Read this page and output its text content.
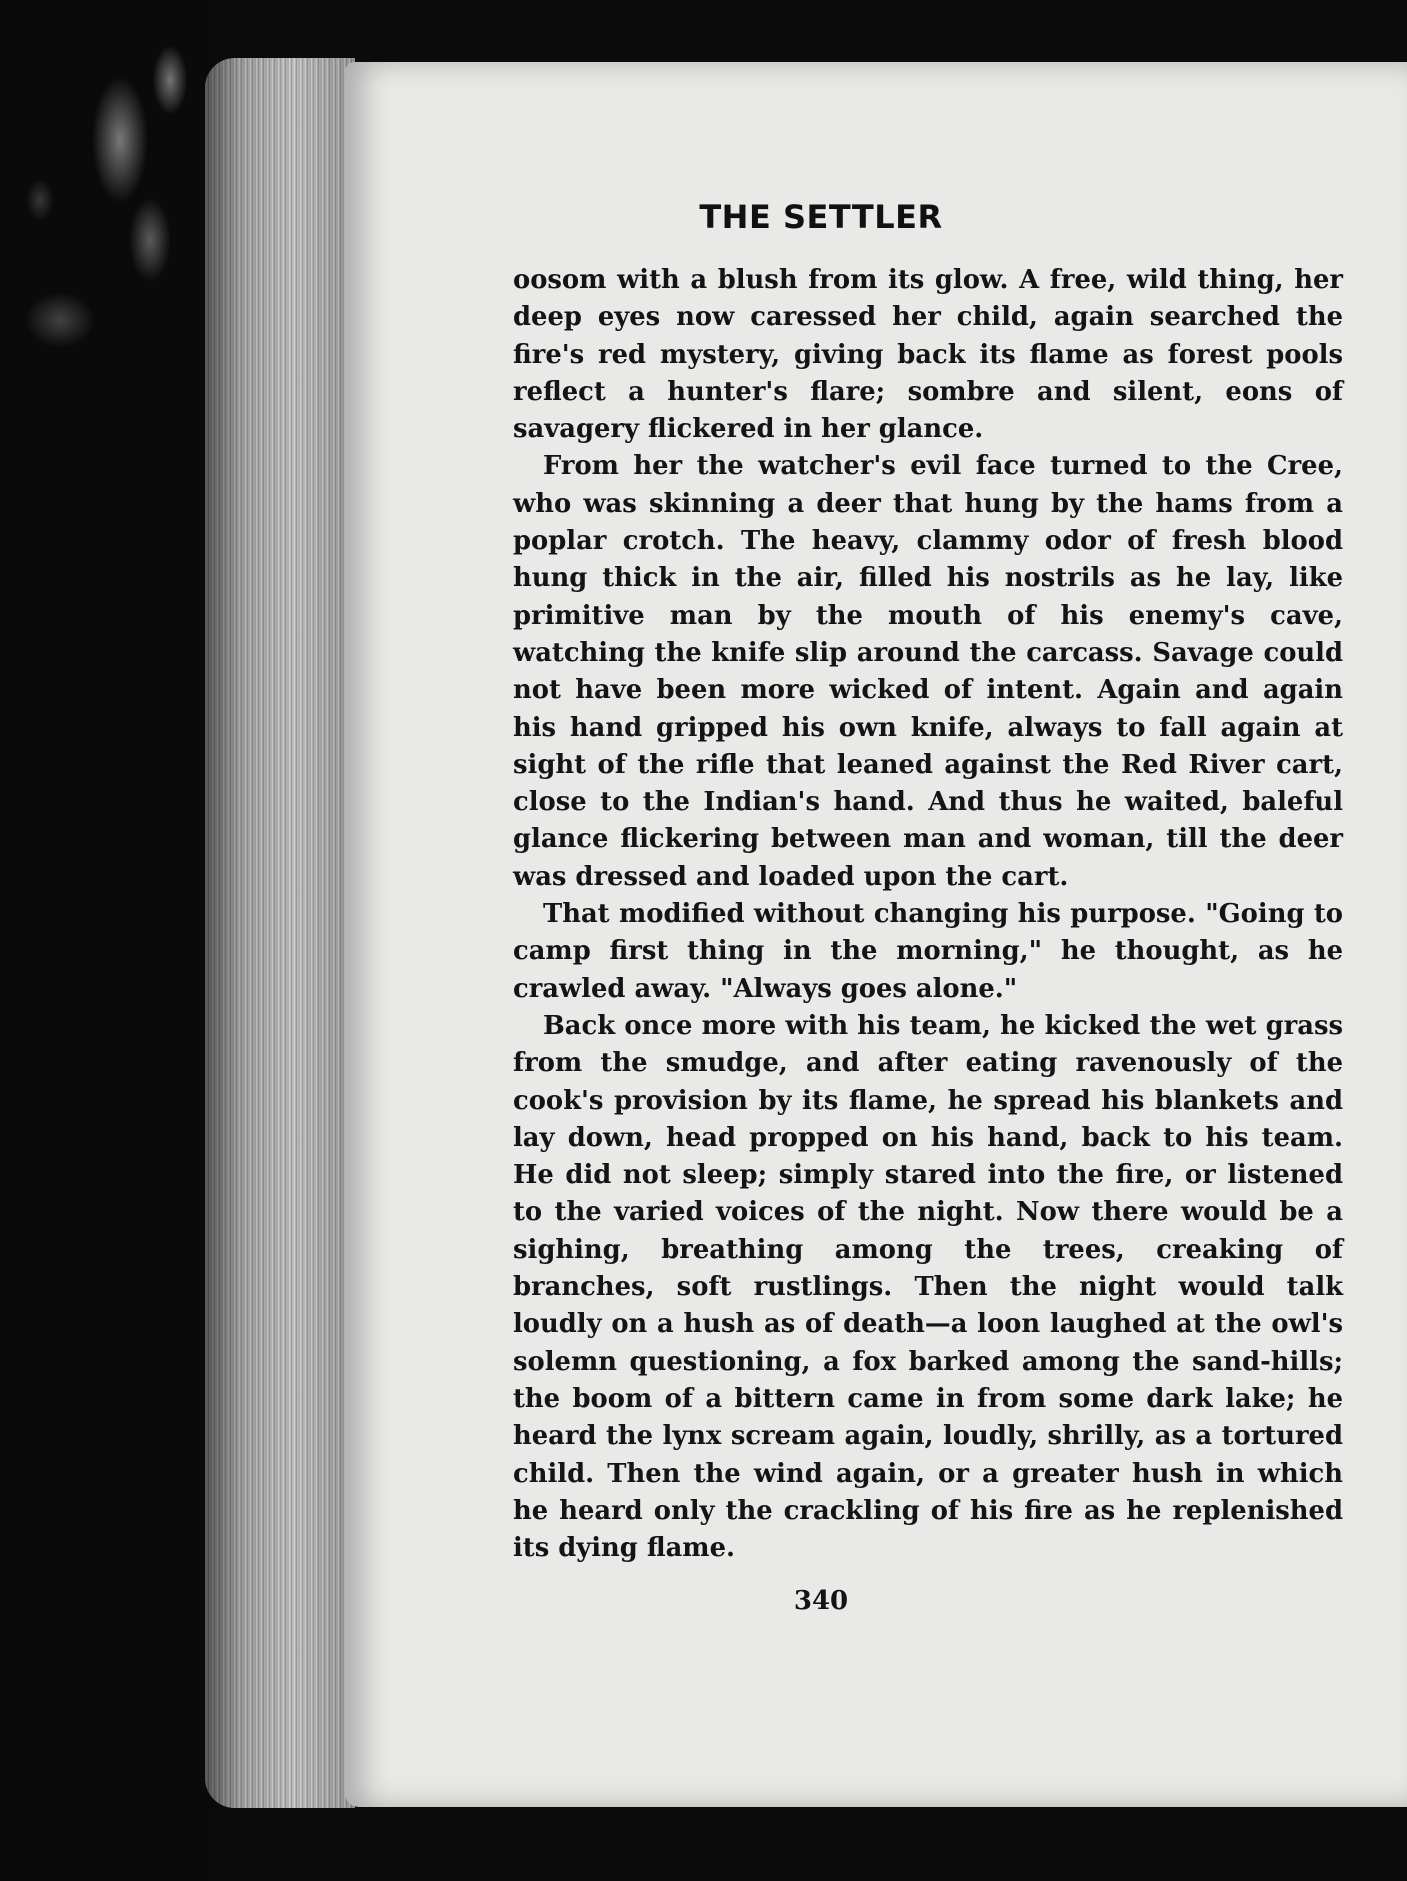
THE SETTLER

oosom with a blush from its glow. A free, wild thing, her deep eyes now caressed her child, again searched the fire's red mystery, giving back its flame as forest pools reflect a hunter's flare; sombre and silent, eons of savagery flickered in her glance.

From her the watcher's evil face turned to the Cree, who was skinning a deer that hung by the hams from a poplar crotch. The heavy, clammy odor of fresh blood hung thick in the air, filled his nostrils as he lay, like primitive man by the mouth of his enemy's cave, watching the knife slip around the carcass. Savage could not have been more wicked of intent. Again and again his hand gripped his own knife, always to fall again at sight of the rifle that leaned against the Red River cart, close to the Indian's hand. And thus he waited, baleful glance flickering between man and woman, till the deer was dressed and loaded upon the cart.

That modified without changing his purpose. "Going to camp first thing in the morning," he thought, as he crawled away. "Always goes alone."

Back once more with his team, he kicked the wet grass from the smudge, and after eating ravenously of the cook's provision by its flame, he spread his blankets and lay down, head propped on his hand, back to his team. He did not sleep; simply stared into the fire, or listened to the varied voices of the night. Now there would be a sighing, breathing among the trees, creaking of branches, soft rustlings. Then the night would talk loudly on a hush as of death—a loon laughed at the owl's solemn questioning, a fox barked among the sand-hills; the boom of a bittern came in from some dark lake; he heard the lynx scream again, loudly, shrilly, as a tortured child. Then the wind again, or a greater hush in which he heard only the crackling of his fire as he replenished its dying flame.

340
